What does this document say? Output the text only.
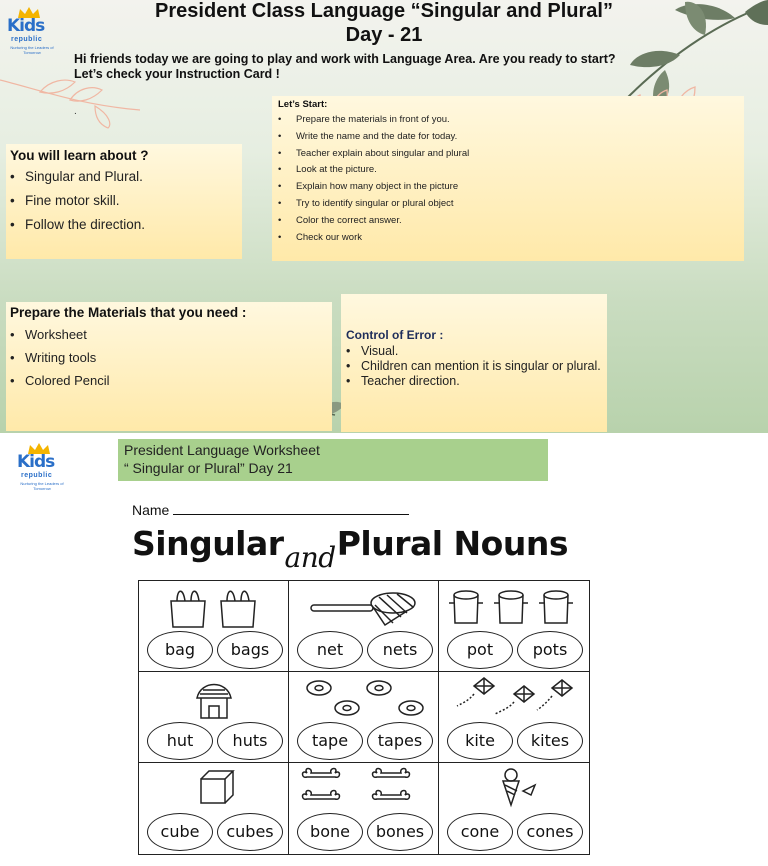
Kids
republic
Nurturing the Leaders of Tomorrow
President Class Language “Singular and Plural”
Day - 21
Hi friends today we are going to play and work with Language Area. Are you ready to start?
Let’s check your Instruction Card !
.
You will learn about ?
• Singular and Plural.
• Fine motor skill.
• Follow the direction.
Let’s Start:
• Prepare the materials in front of you.
• Write the name and the date for today.
• Teacher explain about singular and plural
• Look at the picture.
• Explain how many object in the picture
• Try to identify singular or plural object
• Color the correct answer.
• Check our work
Prepare the Materials that you need :
• Worksheet
• Writing tools
• Colored Pencil
Control of Error :
• Visual.
• Children can mention it is singular or plural.
• Teacher direction.
Kids
republic
Nurturing the Leaders of Tomorrow
President Language Worksheet
“ Singular or Plural” Day 21
Name
Singular$_{and}$Plural Nouns
bag	bags	net	nets	pot	pots
hut	huts	tape	tapes	kite	kites
cube	cubes	bone	bones	cone	cones
